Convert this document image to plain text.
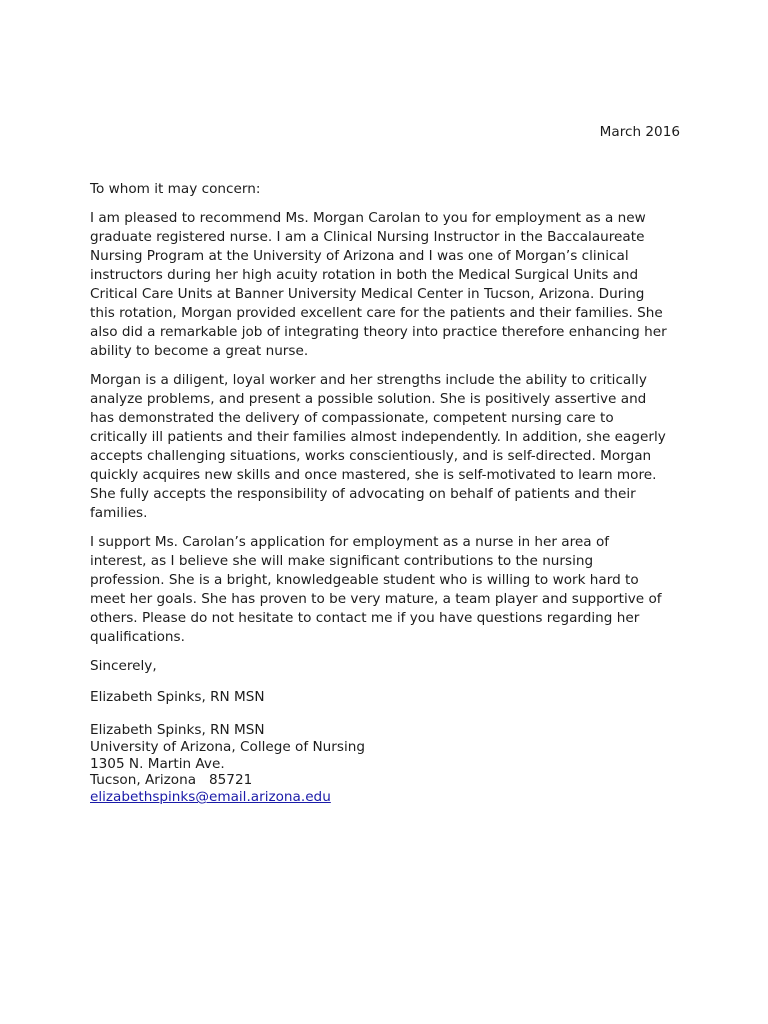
March 2016

To whom it may concern:

I am pleased to recommend Ms. Morgan Carolan to you for employment as a new
graduate registered nurse. I am a Clinical Nursing Instructor in the Baccalaureate
Nursing Program at the University of Arizona and I was one of Morgan’s clinical
instructors during her high acuity rotation in both the Medical Surgical Units and
Critical Care Units at Banner University Medical Center in Tucson, Arizona. During
this rotation, Morgan provided excellent care for the patients and their families. She
also did a remarkable job of integrating theory into practice therefore enhancing her
ability to become a great nurse.

Morgan is a diligent, loyal worker and her strengths include the ability to critically
analyze problems, and present a possible solution. She is positively assertive and
has demonstrated the delivery of compassionate, competent nursing care to
critically ill patients and their families almost independently. In addition, she eagerly
accepts challenging situations, works conscientiously, and is self-directed. Morgan
quickly acquires new skills and once mastered, she is self-motivated to learn more.
She fully accepts the responsibility of advocating on behalf of patients and their
families.

I support Ms. Carolan’s application for employment as a nurse in her area of
interest, as I believe she will make significant contributions to the nursing
profession. She is a bright, knowledgeable student who is willing to work hard to
meet her goals. She has proven to be very mature, a team player and supportive of
others. Please do not hesitate to contact me if you have questions regarding her
qualifications.

Sincerely,

Elizabeth Spinks, RN MSN

Elizabeth Spinks, RN MSN
University of Arizona, College of Nursing
1305 N. Martin Ave.
Tucson, Arizona   85721
elizabethspinks@email.arizona.edu
